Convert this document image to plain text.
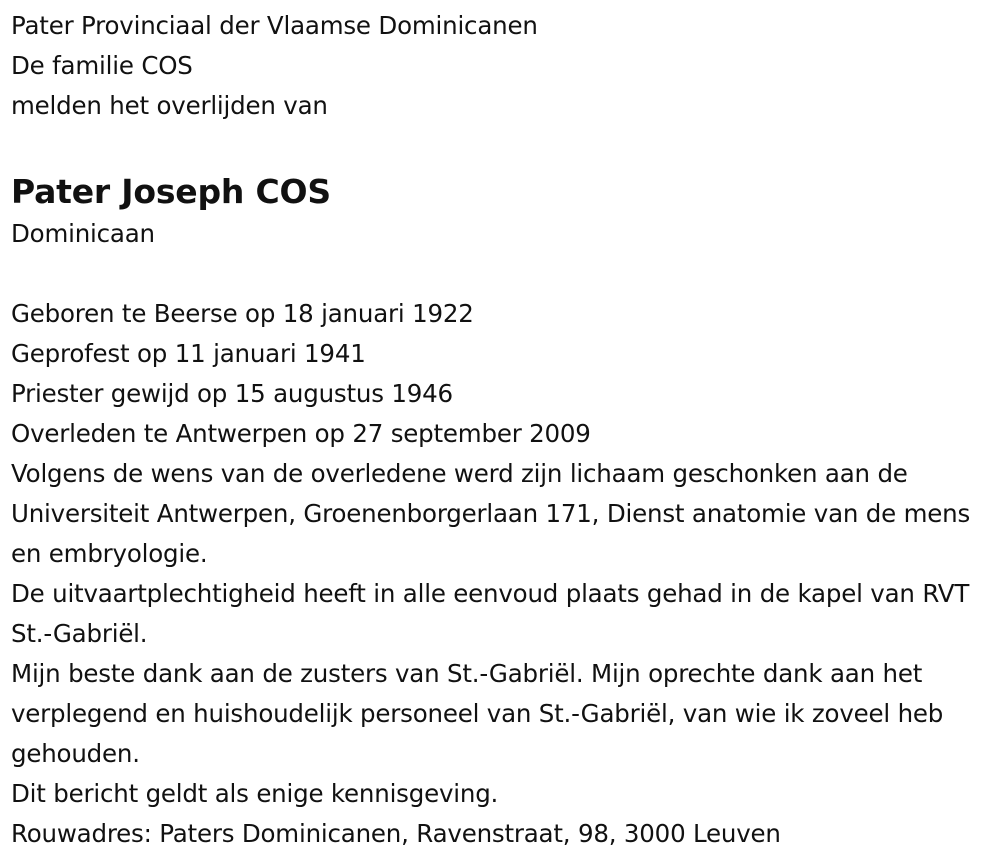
Pater Provinciaal der Vlaamse Dominicanen
De familie COS
melden het overlijden van
Pater Joseph COS
Dominicaan
Geboren te Beerse op 18 januari 1922
Geprofest op 11 januari 1941
Priester gewijd op 15 augustus 1946
Overleden te Antwerpen op 27 september 2009
Volgens de wens van de overledene werd zijn lichaam geschonken aan de Universiteit Antwerpen, Groenenborgerlaan 171, Dienst anatomie van de mens en embryologie.
De uitvaartplechtigheid heeft in alle eenvoud plaats gehad in de kapel van RVT St.-Gabriël.
Mijn beste dank aan de zusters van St.-Gabriël. Mijn oprechte dank aan het verplegend en huishoudelijk personeel van St.-Gabriël, van wie ik zoveel heb gehouden.
Dit bericht geldt als enige kennisgeving.
Rouwadres: Paters Dominicanen, Ravenstraat, 98, 3000 Leuven
